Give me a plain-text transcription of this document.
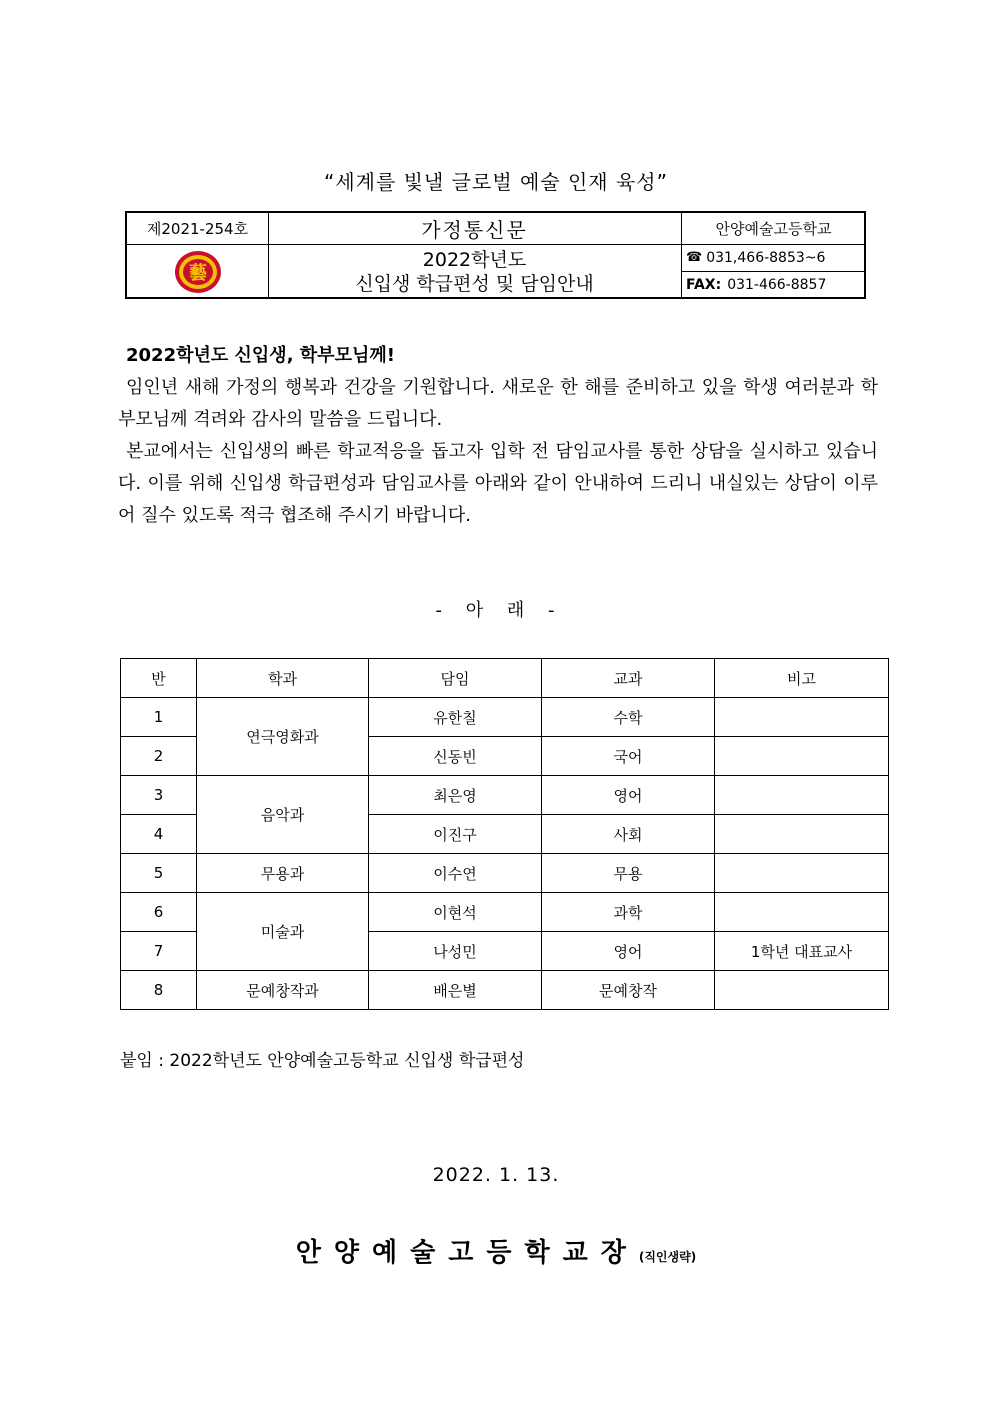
“세계를 빛낼 글로벌 예술 인재 육성”
제2021-254호
藝
가정통신문
2022학년도
신입생 학급편성 및 담임안내
안양예술고등학교
☎ 031,466-8853~6
FAX: 031-466-8857
2022학년도 신입생, 학부모님께!
임인년 새해 가정의 행복과 건강을 기원합니다. 새로운 한 해를 준비하고 있을 학생 여러분과 학부모님께 격려와 감사의 말씀을 드립니다.
본교에서는 신입생의 빠른 학교적응을 돕고자 입학 전 담임교사를 통한 상담을 실시하고 있습니다. 이를 위해 신입생 학급편성과 담임교사를 아래와 같이 안내하여 드리니 내실있는 상담이 이루어 질수 있도록 적극 협조해 주시기 바랍니다.
- 아 래 -
반	학과	담임	교과	비고
1	연극영화과	유한칠	수학	
2		신동빈	국어	
3	음악과	최은영	영어	
4		이진구	사회	
5	무용과	이수연	무용	
6	미술과	이현석	과학	
7		나성민	영어	1학년 대표교사
8	문예창작과	배은별	문예창작	
붙임 : 2022학년도 안양예술고등학교 신입생 학급편성
2022. 1. 13.
안양예술고등학교장(직인생략)
